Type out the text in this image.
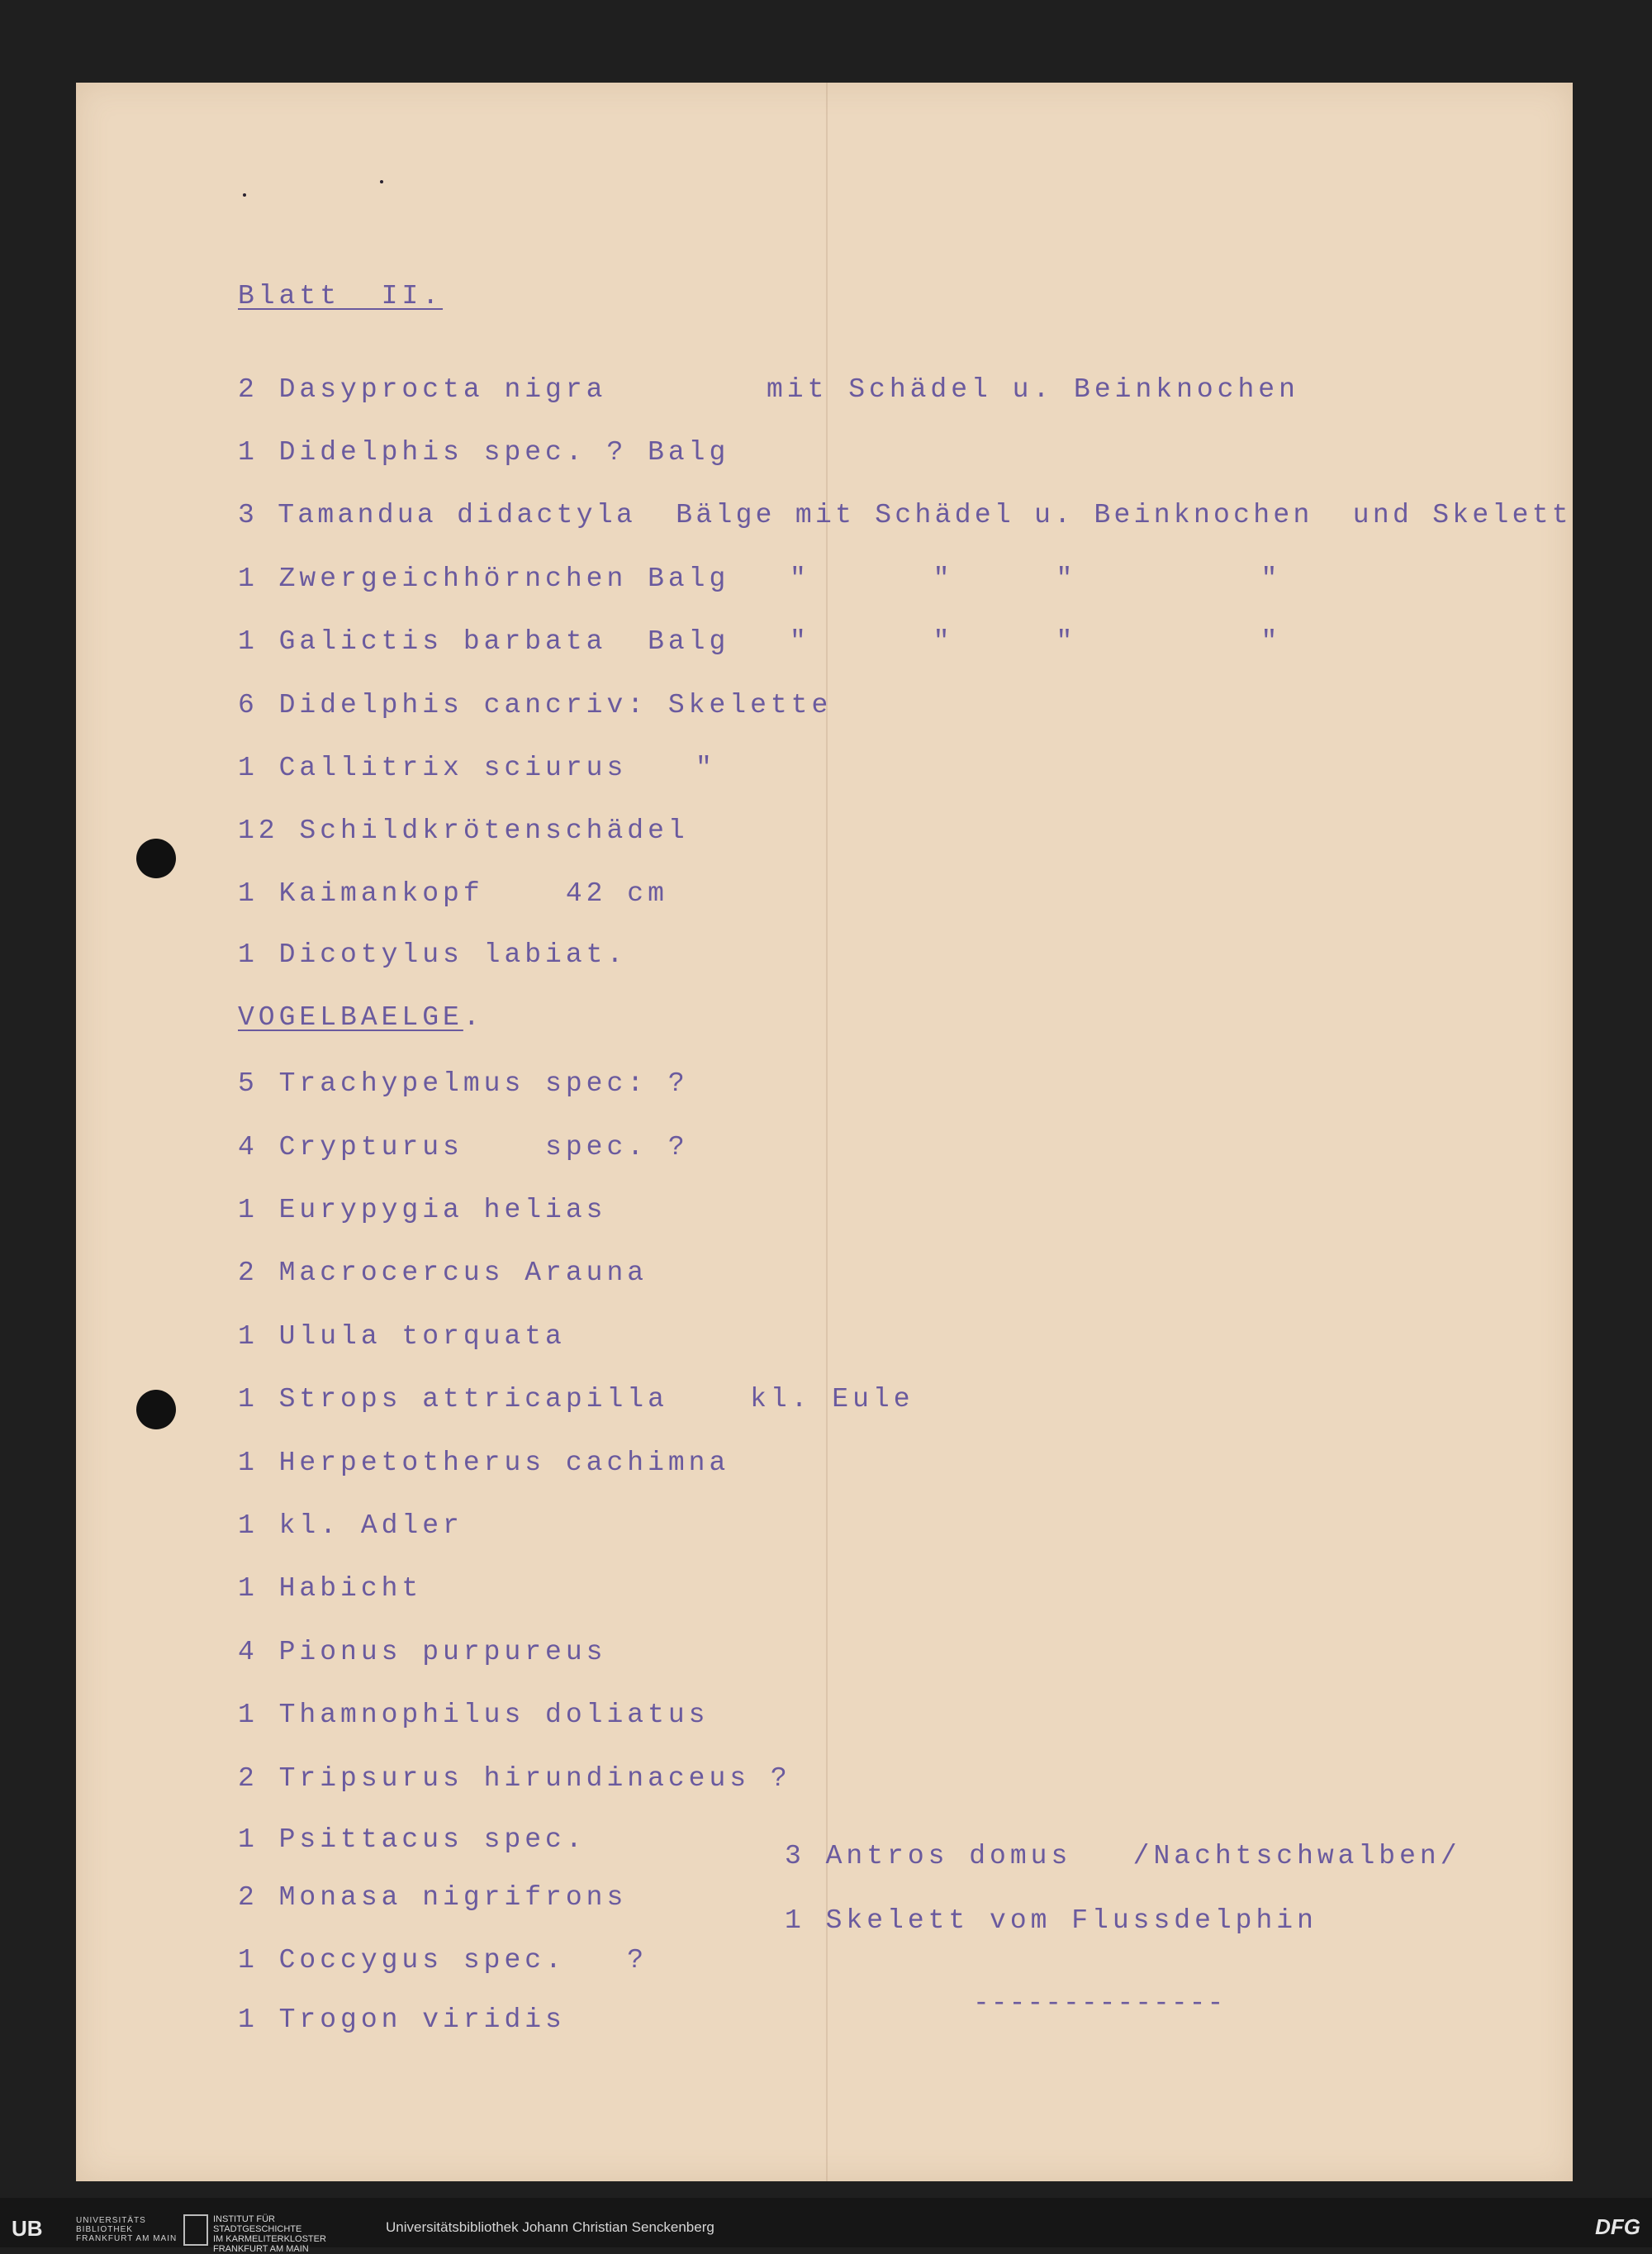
Blatt  II.
2 Dasyprocta nigra	mit Schädel u. Beinknochen
1 Didelphis spec. ? Balg
3 Tamandua didactyla  Bälge mit Schädel u. Beinknochen  und Skelett
1 Zwergeichhörnchen Balg "      "     "         "
1 Galictis barbata  Balg "      "     "         "
6 Didelphis cancriv: Skelette
1 Callitrix sciurus	"
12 Schildkrötenschädel
1 Kaimankopf    42 cm
1 Dicotylus labiat.
VOGELBAELGE.
5 Trachypelmus spec: ?
4 Crypturus    spec. ?
1 Eurypygia helias
2 Macrocercus Arauna
1 Ulula torquata
1 Strops attricapilla    kl. Eule
1 Herpetotherus cachimna
1 kl. Adler
1 Habicht
4 Pionus purpureus
1 Thamnophilus doliatus
2 Tripsurus hirundinaceus ?
1 Psittacus spec.
2 Monasa nigrifrons
1 Coccygus spec.   ?
1 Trogon viridis
3 Antros domus   /Nachtschwalben/
1 Skelett vom Flussdelphin
--------------
UB	UNIVERSITÄTS
BIBLIOTHEK
FRANKFURT AM MAIN
INSTITUT FÜR
STADTGESCHICHTE
IM KARMELITERKLOSTER
FRANKFURT AM MAIN
Universitätsbibliothek Johann Christian Senckenberg	DFG
